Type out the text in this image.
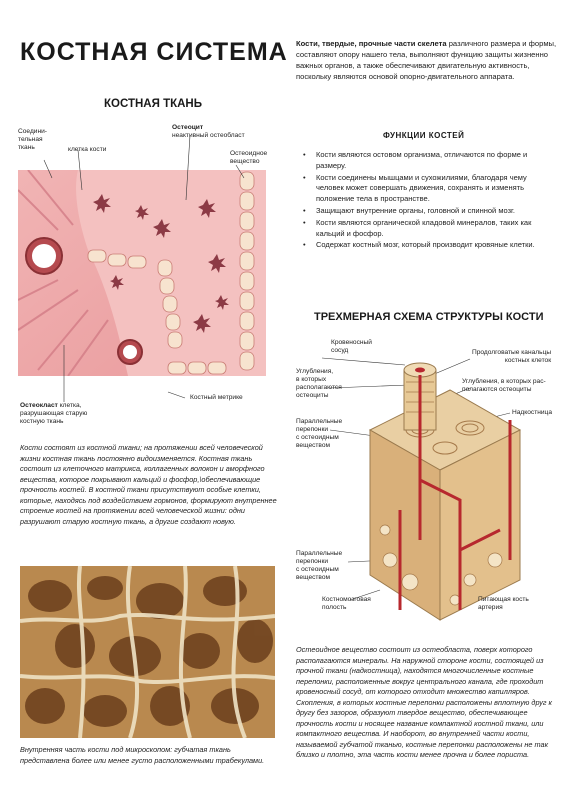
КОСТНАЯ СИСТЕМА Кости, твердые, прочные части скелета различного размера и формы, составляют опору нашего тела, выполняют функцию защиты жизненно важных органов, а также обеспечивают двигательную активность, поскольку являются основой опорно-двигательного аппарата.
КОСТНАЯ ТКАНЬ
Соедини-
тельная
ткань	клетка кости
Остеоцит
неактивный остеобласт
Остеоидное
вещество
Остеокласт клетка,
разрушающая старую
костную ткань
Костный метрике
Кости состоят из костной ткани; на протяжении всей человеческой жизни костная ткань постоянно видоизменяется. Костная ткань состоит из клеточного матрикса, коллагенных волокон и аморфного вещества, которое покрывают кальций и фосфор,\обеспечивающие прочность костей. В костной ткани присутствуют особые клетки, которые, находясь под воздействием гормонов, формируют внутреннее строение костей на протяжении всей человеческой жизни: одни разрушают старую костную ткань, а другие создают новую.
Внутренняя часть кости под микроскопом: губчатая ткань представлена более или менее густо расположенными трабекулами.
ФУНКЦИИ КОСТЕЙ
• Кости являются остовом организма, отличаются по форме и размеру.
• Кости соединены мышцами и сухожилиями, благодаря чему человек может совершать движения, сохранять и изменять положение тела в пространстве.
• Защищают внутренние органы, головной и спинной мозг.
• Кости являются органической кладовой минералов, таких как кальций и фосфор.
• Содержат костный мозг, который производит кровяные клетки.
ТРЕХМЕРНАЯ СХЕМА СТРУКТУРЫ КОСТИ
Кровеносный
сосуд	Продолговатые канальцы
костных клеток
Углубления,
в которых
располагаются
остеоциты
Углубления, в которых рас-
полагаются остеоциты
Надкостница
Параллельные
перепонки
с остеоидным
веществом
Параллельные
перепонки
с остеоидным
веществом
Костномозговая
полость
Питающая кость
артерия
Остеоидное вещество состоит из остеобласта, поверх которого располагаются минералы. На наружной стороне кости, состоящей из прочной ткани (надкостница), находятся многочисленные костные перепонки, расположенные вокруг центрального канала, где проходит кровеносный сосуд, от которого отходит множество капилляров. Скопления, в которых костные перепонки расположены вплотную друг к другу без зазоров, образуют твердое вещество, обеспечивающее прочность кости и носящее название компактной костной ткани, или компактного вещества. И наоборот, во внутренней части кости, называемой губчатой тканью, костные перепонки расположены не так близко и плотно, эта часть кости менее прочна и более пориста.
